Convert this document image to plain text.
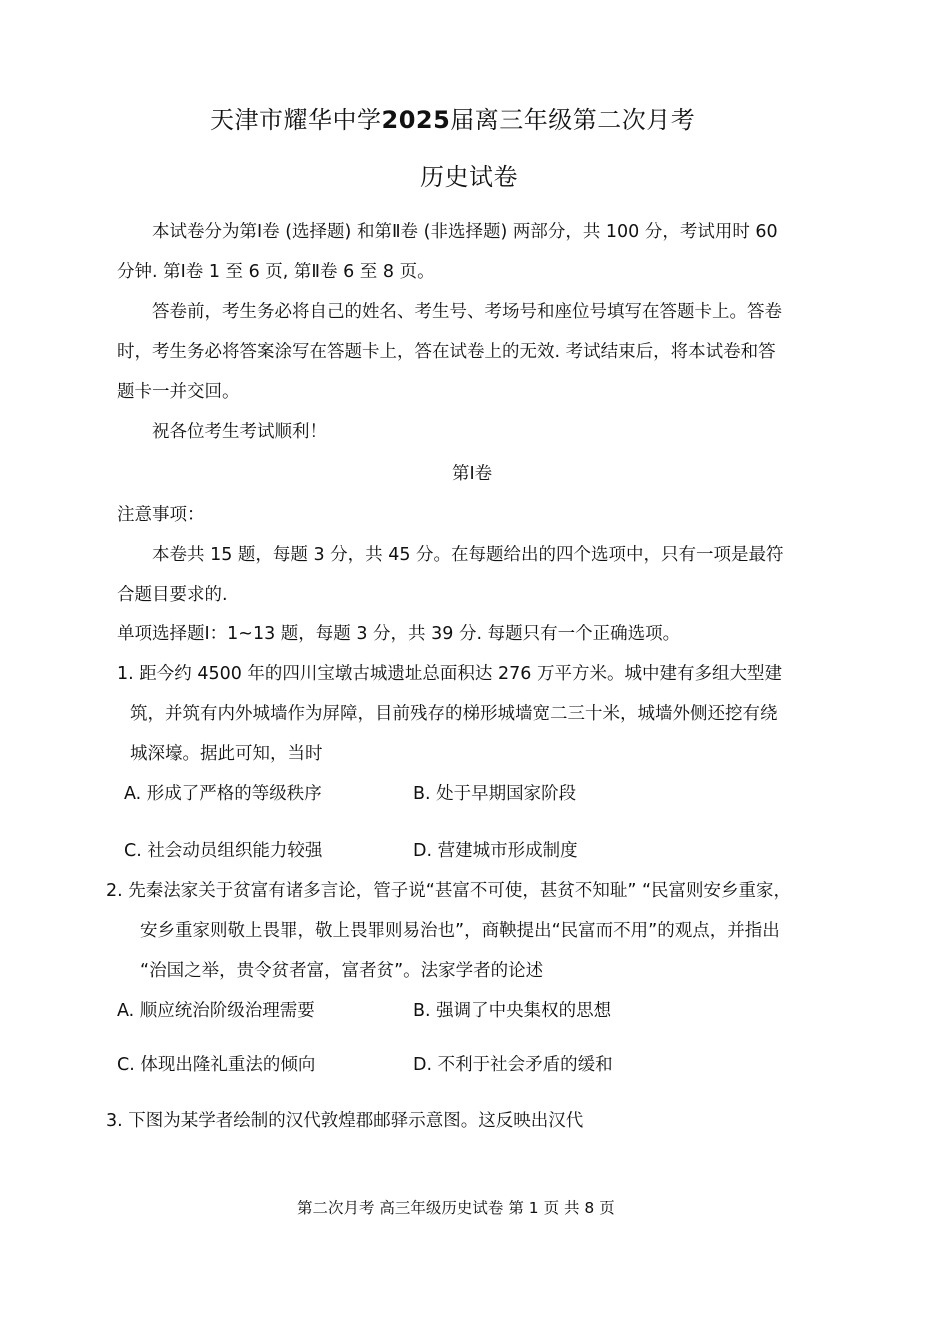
天津市耀华中学2025届离三年级第二次月考
历史试卷
本试卷分为第Ⅰ卷 (选择题) 和第Ⅱ卷 (非选择题) 两部分，共 100 分，考试用时 60
分钟. 第Ⅰ卷 1 至 6 页, 第Ⅱ卷 6 至 8 页。
答卷前，考生务必将自己的姓名、考生号、考场号和座位号填写在答题卡上。答卷
时，考生务必将答案涂写在答题卡上，答在试卷上的无效. 考试结束后，将本试卷和答
题卡一并交回。
祝各位考生考试顺利！
第Ⅰ卷
注意事项：
本卷共 15 题，每题 3 分，共 45 分。在每题给出的四个选项中，只有一项是最符
合题目要求的.
单项选择题Ⅰ：1~13 题，每题 3 分，共 39 分. 每题只有一个正确选项。
1. 距今约 4500 年的四川宝墩古城遗址总面积达 276 万平方米。城中建有多组大型建
筑，并筑有内外城墙作为屏障，目前残存的梯形城墙宽二三十米，城墙外侧还挖有绕
城深壕。据此可知，当时
A. 形成了严格的等级秩序	B. 处于早期国家阶段
C. 社会动员组织能力较强	D. 营建城市形成制度
2. 先秦法家关于贫富有诸多言论，管子说“甚富不可使，甚贫不知耻” “民富则安乡重家，
安乡重家则敬上畏罪，敬上畏罪则易治也”，商鞅提出“民富而不用”的观点，并指出
“治国之举，贵令贫者富，富者贫”。法家学者的论述
A. 顺应统治阶级治理需要	B. 强调了中央集权的思想
C. 体现出隆礼重法的倾向	D. 不利于社会矛盾的缓和
3. 下图为某学者绘制的汉代敦煌郡邮驿示意图。这反映出汉代
第二次月考 高三年级历史试卷 第 1 页 共 8 页
